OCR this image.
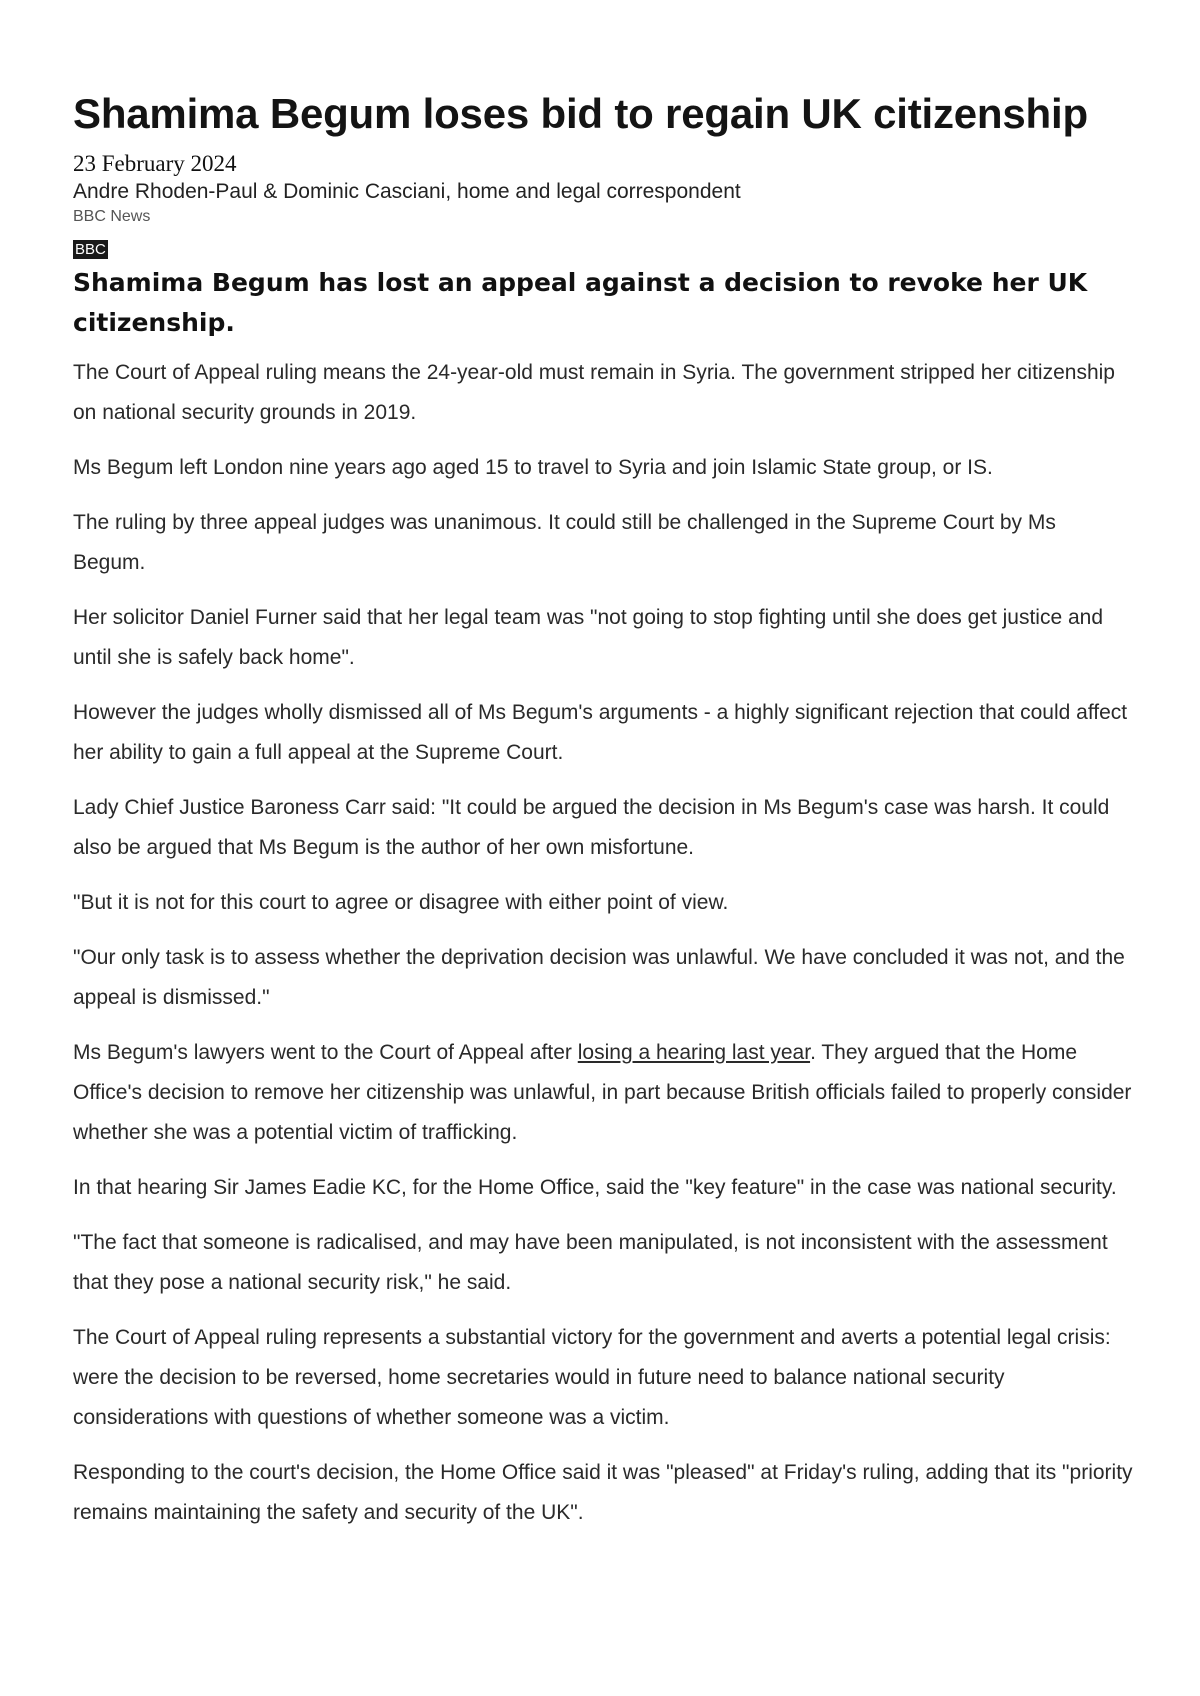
Shamima Begum loses bid to regain UK citizenship
23 February 2024
Andre Rhoden-Paul & Dominic Casciani, home and legal correspondent
BBC News
BBC
Shamima Begum has lost an appeal against a decision to revoke her UK citizenship.

The Court of Appeal ruling means the 24-year-old must remain in Syria. The government stripped her citizenship on national security grounds in 2019.

Ms Begum left London nine years ago aged 15 to travel to Syria and join Islamic State group, or IS.

The ruling by three appeal judges was unanimous. It could still be challenged in the Supreme Court by Ms Begum.

Her solicitor Daniel Furner said that her legal team was "not going to stop fighting until she does get justice and until she is safely back home".

However the judges wholly dismissed all of Ms Begum's arguments - a highly significant rejection that could affect her ability to gain a full appeal at the Supreme Court.

Lady Chief Justice Baroness Carr said: "It could be argued the decision in Ms Begum's case was harsh. It could also be argued that Ms Begum is the author of her own misfortune.

"But it is not for this court to agree or disagree with either point of view.

"Our only task is to assess whether the deprivation decision was unlawful. We have concluded it was not, and the appeal is dismissed."

Ms Begum's lawyers went to the Court of Appeal after losing a hearing last year. They argued that the Home Office's decision to remove her citizenship was unlawful, in part because British officials failed to properly consider whether she was a potential victim of trafficking.

In that hearing Sir James Eadie KC, for the Home Office, said the "key feature" in the case was national security.

"The fact that someone is radicalised, and may have been manipulated, is not inconsistent with the assessment that they pose a national security risk," he said.

The Court of Appeal ruling represents a substantial victory for the government and averts a potential legal crisis: were the decision to be reversed, home secretaries would in future need to balance national security considerations with questions of whether someone was a victim.

Responding to the court's decision, the Home Office said it was "pleased" at Friday's ruling, adding that its "priority remains maintaining the safety and security of the UK".
